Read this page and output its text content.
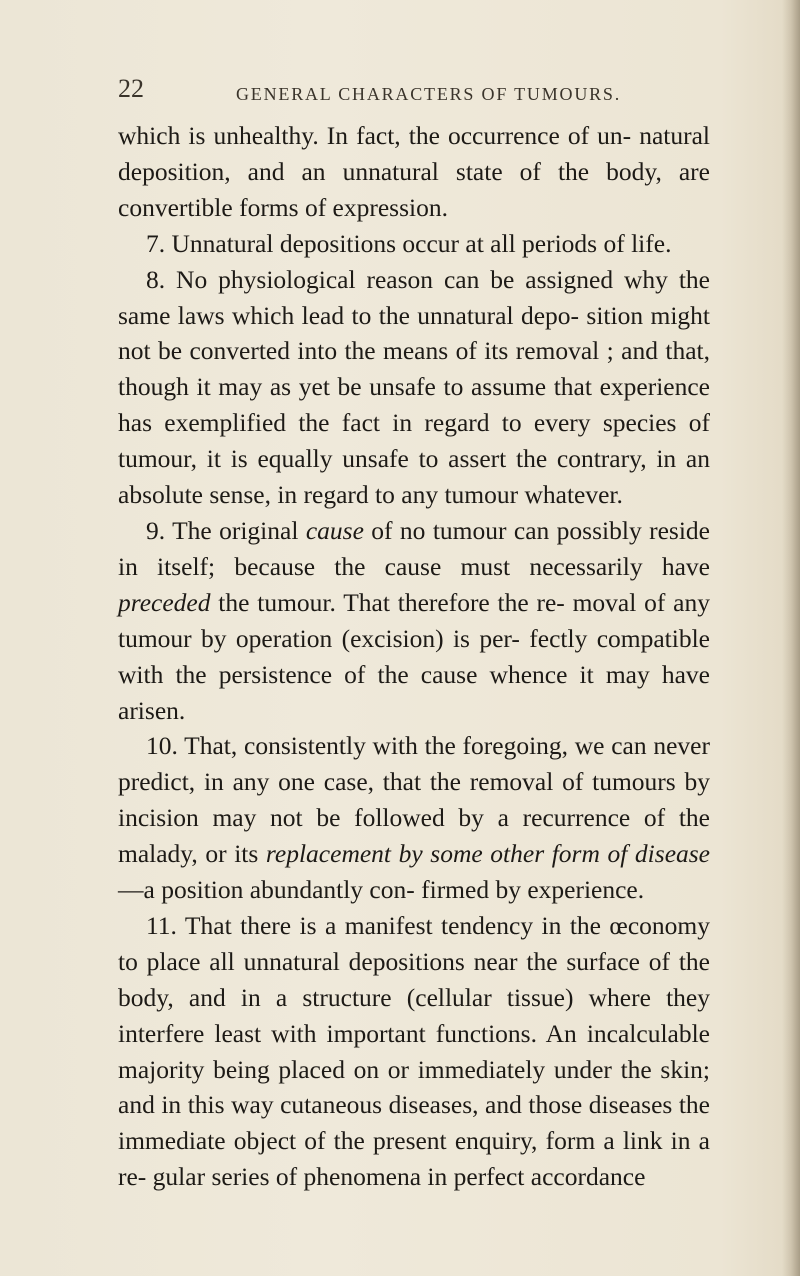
22	GENERAL CHARACTERS OF TUMOURS.

which is unhealthy. In fact, the occurrence of un- natural deposition, and an unnatural state of the body, are convertible forms of expression.

7. Unnatural depositions occur at all periods of life.

8. No physiological reason can be assigned why the same laws which lead to the unnatural depo- sition might not be converted into the means of its removal ; and that, though it may as yet be unsafe to assume that experience has exemplified the fact in regard to every species of tumour, it is equally unsafe to assert the contrary, in an absolute sense, in regard to any tumour whatever.

9. The original cause of no tumour can possibly reside in itself; because the cause must necessarily have preceded the tumour. That therefore the re- moval of any tumour by operation (excision) is per- fectly compatible with the persistence of the cause whence it may have arisen.

10. That, consistently with the foregoing, we can never predict, in any one case, that the removal of tumours by incision may not be followed by a recurrence of the malady, or its replacement by some other form of disease—a position abundantly con- firmed by experience.

11. That there is a manifest tendency in the œconomy to place all unnatural depositions near the surface of the body, and in a structure (cellular tissue) where they interfere least with important functions. An incalculable majority being placed on or immediately under the skin; and in this way cutaneous diseases, and those diseases the immediate object of the present enquiry, form a link in a re- gular series of phenomena in perfect accordance
